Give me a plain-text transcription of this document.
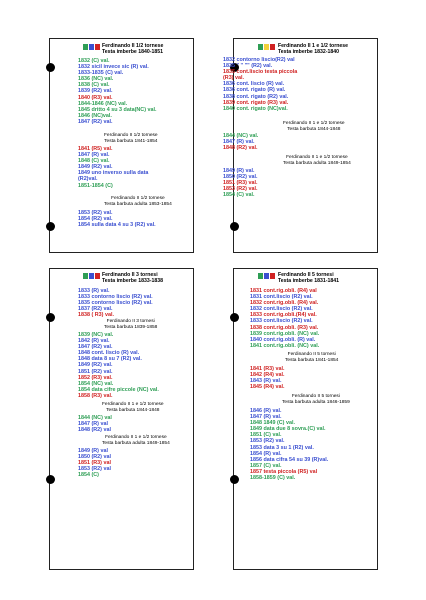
Ferdinando II 1/2 tornese
Testa imberbe 1840-1851
1832 (C) val.
1832 sicil invece sic (R) val.
1833-1835 (C) val.
1836 (NC) val.
1838 (C) val.
1839 (R2) val.
1840 (R3) val.
1844-1846 (NC) val.
1845 dritto 4 su 3 data(NC) val.
1846 (NC)val.
1847 (R2) val.
Ferdinando II 1/2 tornese
Testa barbuta 1841-1854
1841 (R5) val.
1847 (R) val.
1848 (C) val.
1849 (R2) val.
1849 uno inverso sulla data
(R2)val.
1851-1854 (C)
Ferdinando II 1/2 tornese
Testa barbuta adulta 1853-1854
1853 (R2) val.
1854 (R2) val.
1854 sulla data 4 su 3 (R2) val.
Ferdinando II 1 e 1/2 tornese
Testa imberbe 1832-1840
1832 contorno liscio(R2) val
1835 " " "" (R2) val.
1835 cont.liscio testa piccola
(R3) val.
1836 cont. liscio (R) val.
1836 cont. rigato (R) val.
1838 cont. rigato (R2) val.
1839 cont. rigato (R3) val.
1840 cont. rigato (NC)val.
Ferdinando II 1 e 1/2 tornese
Testa barbuta 1844-1848
1844 (NC) val.
1847 (R) val.
1848 (R2) val.
Ferdinando II 1 e 1/2 tornese
Testa barbuta adulta 1849-1854
1849 (R) val.
1850 (R2) val.
1851 (R3) val.
1853 (R2) val.
1854 (C) val.
Ferdinando II 3 tornesi
Testa imberbe 1833-1838
1833 (R) val.
1833 contorno liscio (R2) val.
1835 contorno liscio (R2) val.
1837 (R2) val.
1838 ( R3) val.
Ferdinando II 3 tornesi
Testa barbuta 1839-1858
1839 (NC) val.
1842 (R) val.
1847 (R2) val.
1848 cont. liscio (R) val.
1848 data 8 su 7 (R2) val.
1849 (R2) val.
1851 (R2) val.
1852 (R3) val.
1854 (NC) val.
1854 data cifre piccole (NC) val.
1858 (R3) val.
Ferdinando II 1 e 1/2 tornese
Testa barbuta 1844-1848
1844 (NC) val
1847 (R) val
1848 (R2) val
Ferdinando II 1 e 1/2 tornese
Testa barbuta adulta 1849-1854
1849 (R) val
1850 (R2) val
1851 (R3) val
1853 (R2) val
1854 (C)
Ferdinando II 5 tornesi
Testa imberbe 1831-1841
1831 cont.rig.obli. (R4) val
1831 cont.liscio (R2) val.
1832 cont.rig.obli. (R4) val.
1832 cont.liscio (R2) val.
1833 cont.rig.obli.(R4) val.
1833 cont.liscio (R2) val.
1838 cont.rig.obli. (R3) val.
1839 cont.rig.obli. (NC) val.
1840 cont.rig.obli. (R) val.
1841 cont.rig.obli. (NC) val.
Ferdinando II 5 tornesi
Testa barbuta 1841-1854
1841 (R3) val.
1842 (R4) val.
1843 (R) val.
1845 (R4) val.
Ferdinando II 5 tornesi
Testa barbuta adulta 1846-1859
1846 (R) val.
1847 (R) val.
1848 1849 (C) val.
1849 data due 8 sovra.(C) val.
1851 (C) val.
1853 (R2) val.
1853 data 3 su 1 (R2) val.
1854 (R) val.
1856 data cifra 54 su 39 (R)val.
1857 (C) val.
1857 testa piccola (R5) val
1858-1859 (C) val.
